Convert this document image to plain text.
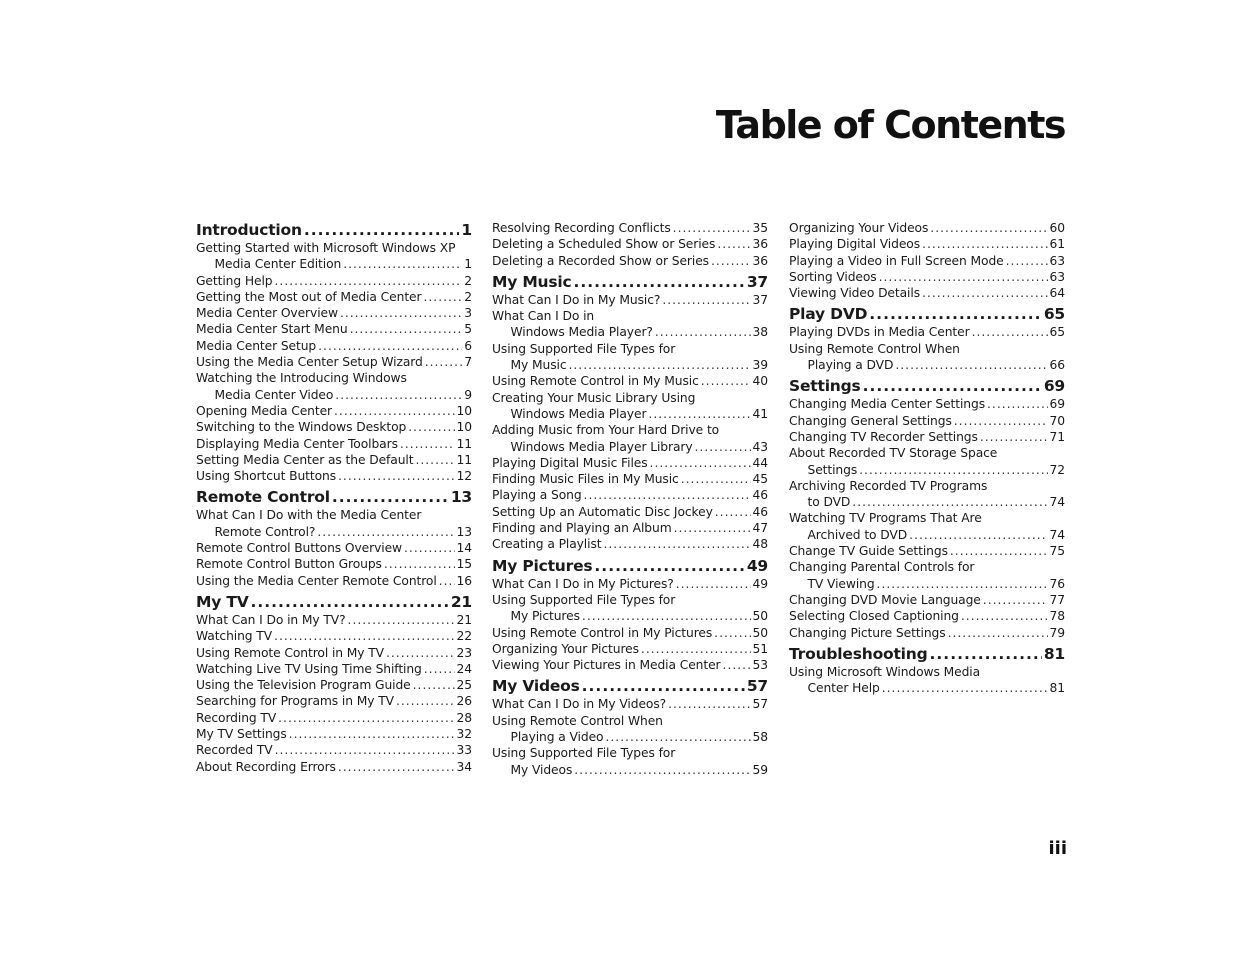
Table of Contents
Introduction .....	1
Getting Started with Microsoft Windows XP
Media Center Edition .....	1
Getting Help .....	2
Getting the Most out of Media Center .....	2
Media Center Overview .....	3
Media Center Start Menu .....	5
Media Center Setup .....	6
Using the Media Center Setup Wizard .....	7
Watching the Introducing Windows
Media Center Video .....	9
Opening Media Center .....	10
Switching to the Windows Desktop .....	10
Displaying Media Center Toolbars .....	11
Setting Media Center as the Default .....	11
Using Shortcut Buttons .....	12
Remote Control .....	13
What Can I Do with the Media Center
Remote Control? .....	13
Remote Control Buttons Overview .....	14
Remote Control Button Groups .....	15
Using the Media Center Remote Control ..... 16
My TV .....	21
What Can I Do in My TV? .....	21
Watching TV .....	22
Using Remote Control in My TV .....	23
Watching Live TV Using Time Shifting .....	24
Using the Television Program Guide .....	25
Searching for Programs in My TV .....	26
Recording TV .....	28
My TV Settings .....	32
Recorded TV .....	33
About Recording Errors .....	34
Resolving Recording Conflicts .....	35
Deleting a Scheduled Show or Series .....	36
Deleting a Recorded Show or Series .....	36
My Music .....	37
What Can I Do in My Music? .....	37
What Can I Do in
Windows Media Player? .....	38
Using Supported File Types for
My Music .....	39
Using Remote Control in My Music .....	40
Creating Your Music Library Using
Windows Media Player .....	41
Adding Music from Your Hard Drive to
Windows Media Player Library .....	43
Playing Digital Music Files .....	44
Finding Music Files in My Music .....	45
Playing a Song .....	46
Setting Up an Automatic Disc Jockey .....	46
Finding and Playing an Album .....	47
Creating a Playlist .....	48
My Pictures .....	49
What Can I Do in My Pictures? .....	49
Using Supported File Types for
My Pictures .....	50
Using Remote Control in My Pictures .....	50
Organizing Your Pictures .....	51
Viewing Your Pictures in Media Center .....	53
My Videos .....	57
What Can I Do in My Videos? .....	57
Using Remote Control When
Playing a Video .....	58
Using Supported File Types for
My Videos .....	59
Organizing Your Videos .....	60
Playing Digital Videos .....	61
Playing a Video in Full Screen Mode .....	63
Sorting Videos .....	63
Viewing Video Details .....	64
Play DVD .....	65
Playing DVDs in Media Center .....	65
Using Remote Control When
Playing a DVD .....	66
Settings .....	69
Changing Media Center Settings .....	69
Changing General Settings .....	70
Changing TV Recorder Settings .....	71
About Recorded TV Storage Space
Settings .....	72
Archiving Recorded TV Programs
to DVD .....	74
Watching TV Programs That Are
Archived to DVD .....	74
Change TV Guide Settings .....	75
Changing Parental Controls for
TV Viewing .....	76
Changing DVD Movie Language .....	77
Selecting Closed Captioning .....	78
Changing Picture Settings .....	79
Troubleshooting .....	81
Using Microsoft Windows Media
Center Help .....	81
iii
